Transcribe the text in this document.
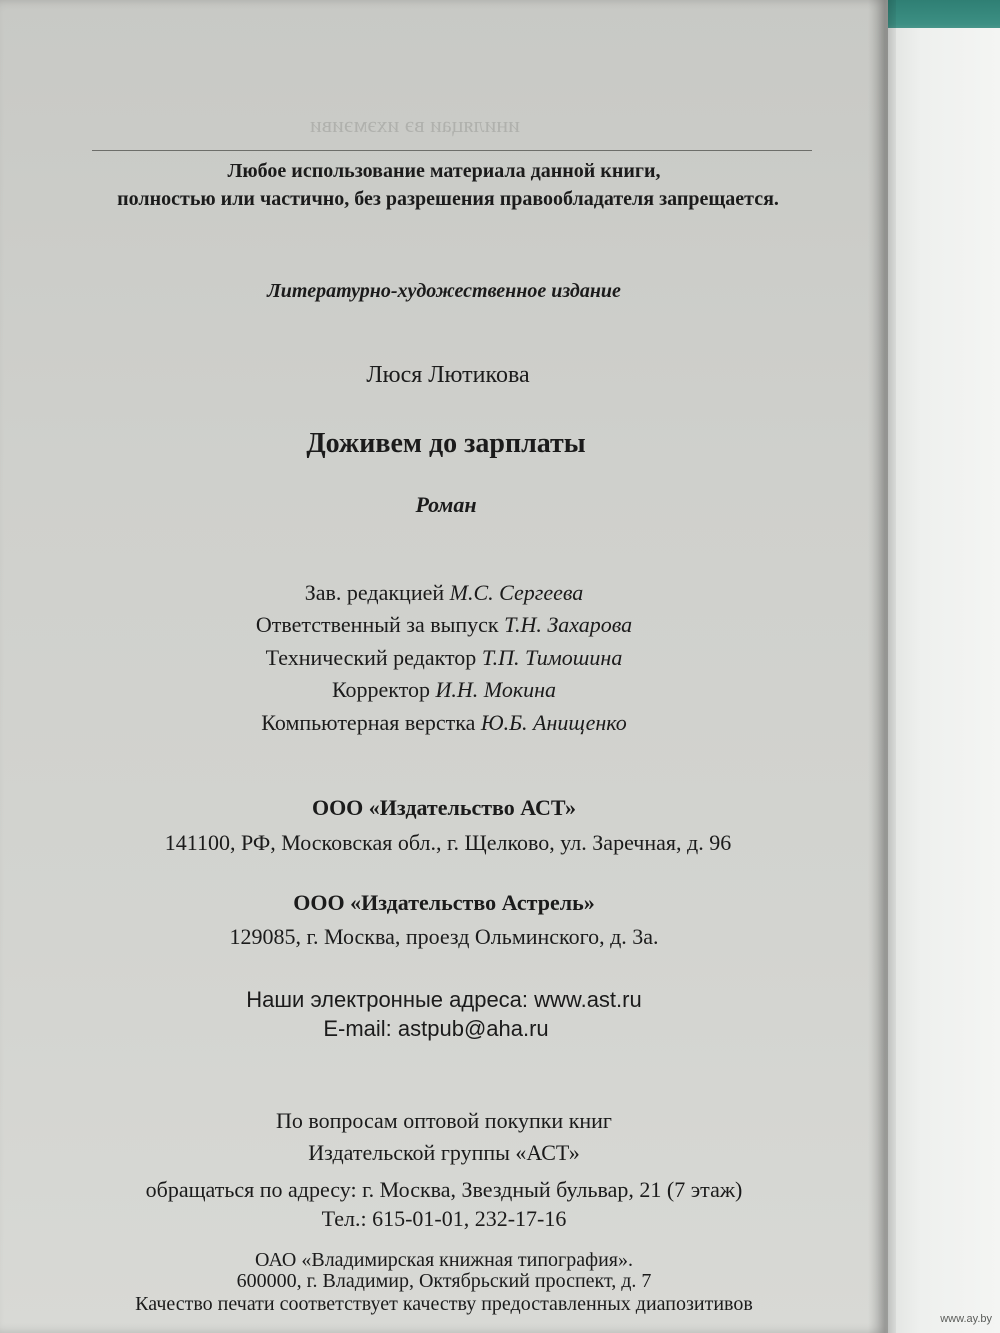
иниляцаи вэ ихэмэиви
Любое использование материала данной книги,
полностью или частично, без разрешения правообладателя запрещается.
Литературно-художественное издание
Люся Лютикова
Доживем до зарплаты
Роман
Зав. редакцией М.С. Сергеева
Ответственный за выпуск Т.Н. Захарова
Технический редактор Т.П. Тимошина
Корректор И.Н. Мокина
Компьютерная верстка Ю.Б. Анищенко
ООО «Издательство АСТ»
141100, РФ, Московская обл., г. Щелково, ул. Заречная, д. 96
ООО «Издательство Астрель»
129085, г. Москва, проезд Ольминского, д. 3а.
Наши электронные адреса: www.ast.ru
E-mail: astpub@aha.ru
По вопросам оптовой покупки книг
Издательской группы «АСТ»
обращаться по адресу: г. Москва, Звездный бульвар, 21 (7 этаж)
Тел.: 615-01-01, 232-17-16
ОАО «Владимирская книжная типография».
600000, г. Владимир, Октябрьский проспект, д. 7
Качество печати соответствует качеству предоставленных диапозитивов
www.ay.by
